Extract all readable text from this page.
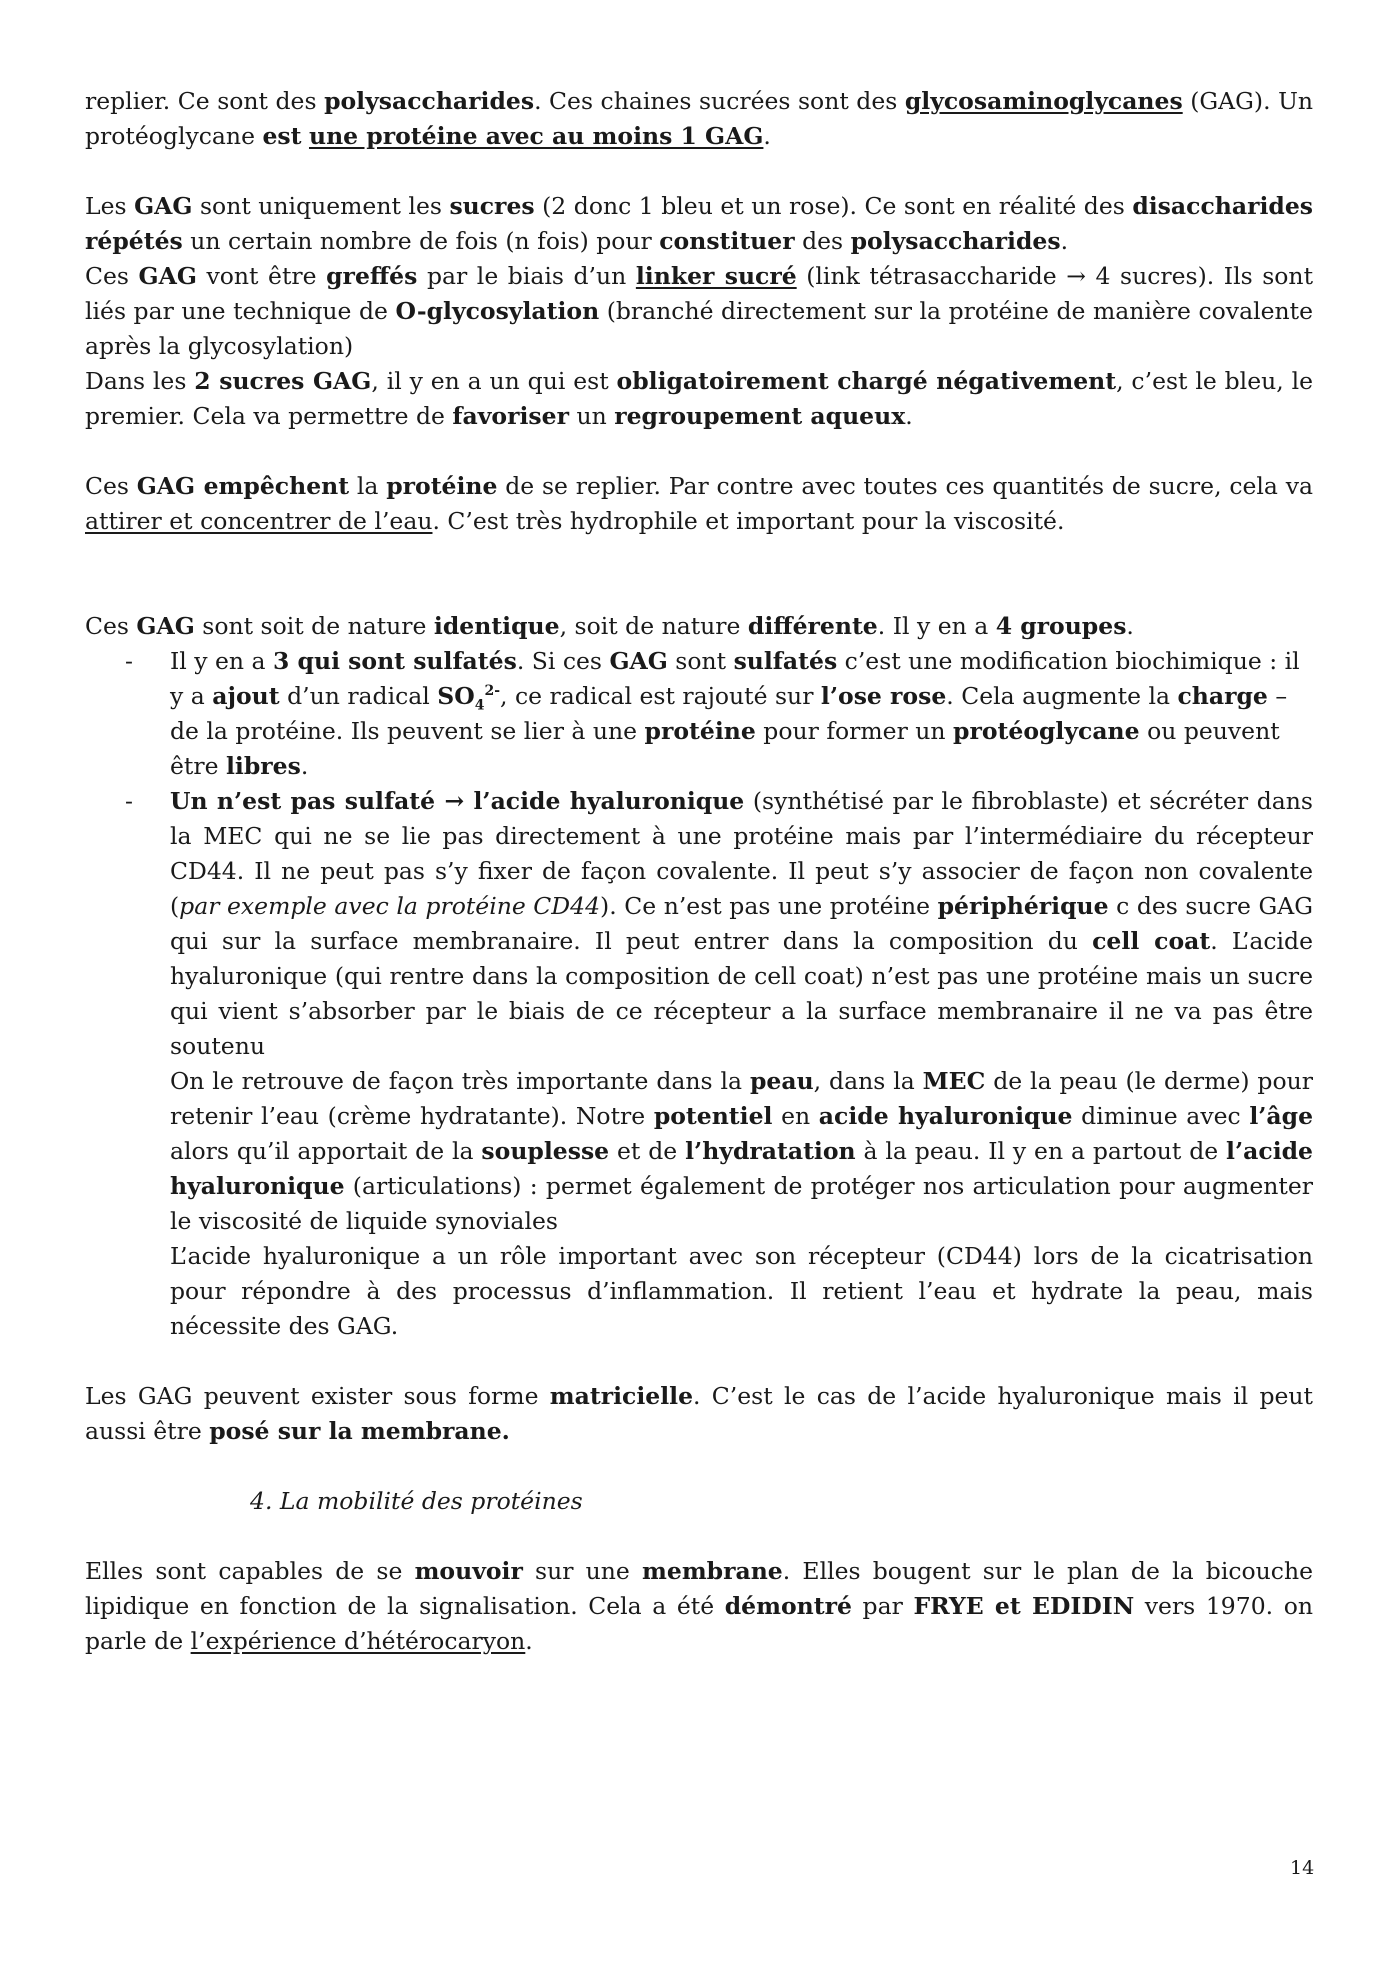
replier. Ce sont des polysaccharides. Ces chaines sucrées sont des glycosaminoglycanes (GAG). Un protéoglycane est une protéine avec au moins 1 GAG.

Les GAG sont uniquement les sucres (2 donc 1 bleu et un rose). Ce sont en réalité des disaccharides répétés un certain nombre de fois (n fois) pour constituer des polysaccharides.

Ces GAG vont être greffés par le biais d’un linker sucré (link tétrasaccharide → 4 sucres). Ils sont liés par une technique de O-glycosylation (branché directement sur la protéine de manière covalente après la glycosylation)

Dans les 2 sucres GAG, il y en a un qui est obligatoirement chargé négativement, c’est le bleu, le premier. Cela va permettre de favoriser un regroupement aqueux.

Ces GAG empêchent la protéine de se replier. Par contre avec toutes ces quantités de sucre, cela va attirer et concentrer de l’eau. C’est très hydrophile et important pour la viscosité.

Ces GAG sont soit de nature identique, soit de nature différente. Il y en a 4 groupes.

- Il y en a 3 qui sont sulfatés. Si ces GAG sont sulfatés c’est une modification biochimique : il y a ajout d’un radical $SO_4^{2-}$, ce radical est rajouté sur l’ose rose. Cela augmente la charge – de la protéine. Ils peuvent se lier à une protéine pour former un protéoglycane ou peuvent être libres.

- Un n’est pas sulfaté → l’acide hyaluronique (synthétisé par le fibroblaste) et sécréter dans la MEC qui ne se lie pas directement à une protéine mais par l’intermédiaire du récepteur CD44. Il ne peut pas s’y fixer de façon covalente. Il peut s’y associer de façon non covalente (par exemple avec la protéine CD44). Ce n’est pas une protéine périphérique c des sucre GAG qui sur la surface membranaire. Il peut entrer dans la composition du cell coat. L’acide hyaluronique (qui rentre dans la composition de cell coat) n’est pas une protéine mais un sucre qui vient s’absorber par le biais de ce récepteur a la surface membranaire il ne va pas être soutenu

On le retrouve de façon très importante dans la peau, dans la MEC de la peau (le derme) pour retenir l’eau (crème hydratante). Notre potentiel en acide hyaluronique diminue avec l’âge alors qu’il apportait de la souplesse et de l’hydratation à la peau. Il y en a partout de l’acide hyaluronique (articulations) : permet également de protéger nos articulation pour augmenter le viscosité de liquide synoviales

L’acide hyaluronique a un rôle important avec son récepteur (CD44) lors de la cicatrisation pour répondre à des processus d’inflammation. Il retient l’eau et hydrate la peau, mais nécessite des GAG.

Les GAG peuvent exister sous forme matricielle. C’est le cas de l’acide hyaluronique mais il peut aussi être posé sur la membrane.

4. La mobilité des protéines

Elles sont capables de se mouvoir sur une membrane. Elles bougent sur le plan de la bicouche lipidique en fonction de la signalisation. Cela a été démontré par FRYE et EDIDIN vers 1970. on parle de l’expérience d’hétérocaryon.

14
